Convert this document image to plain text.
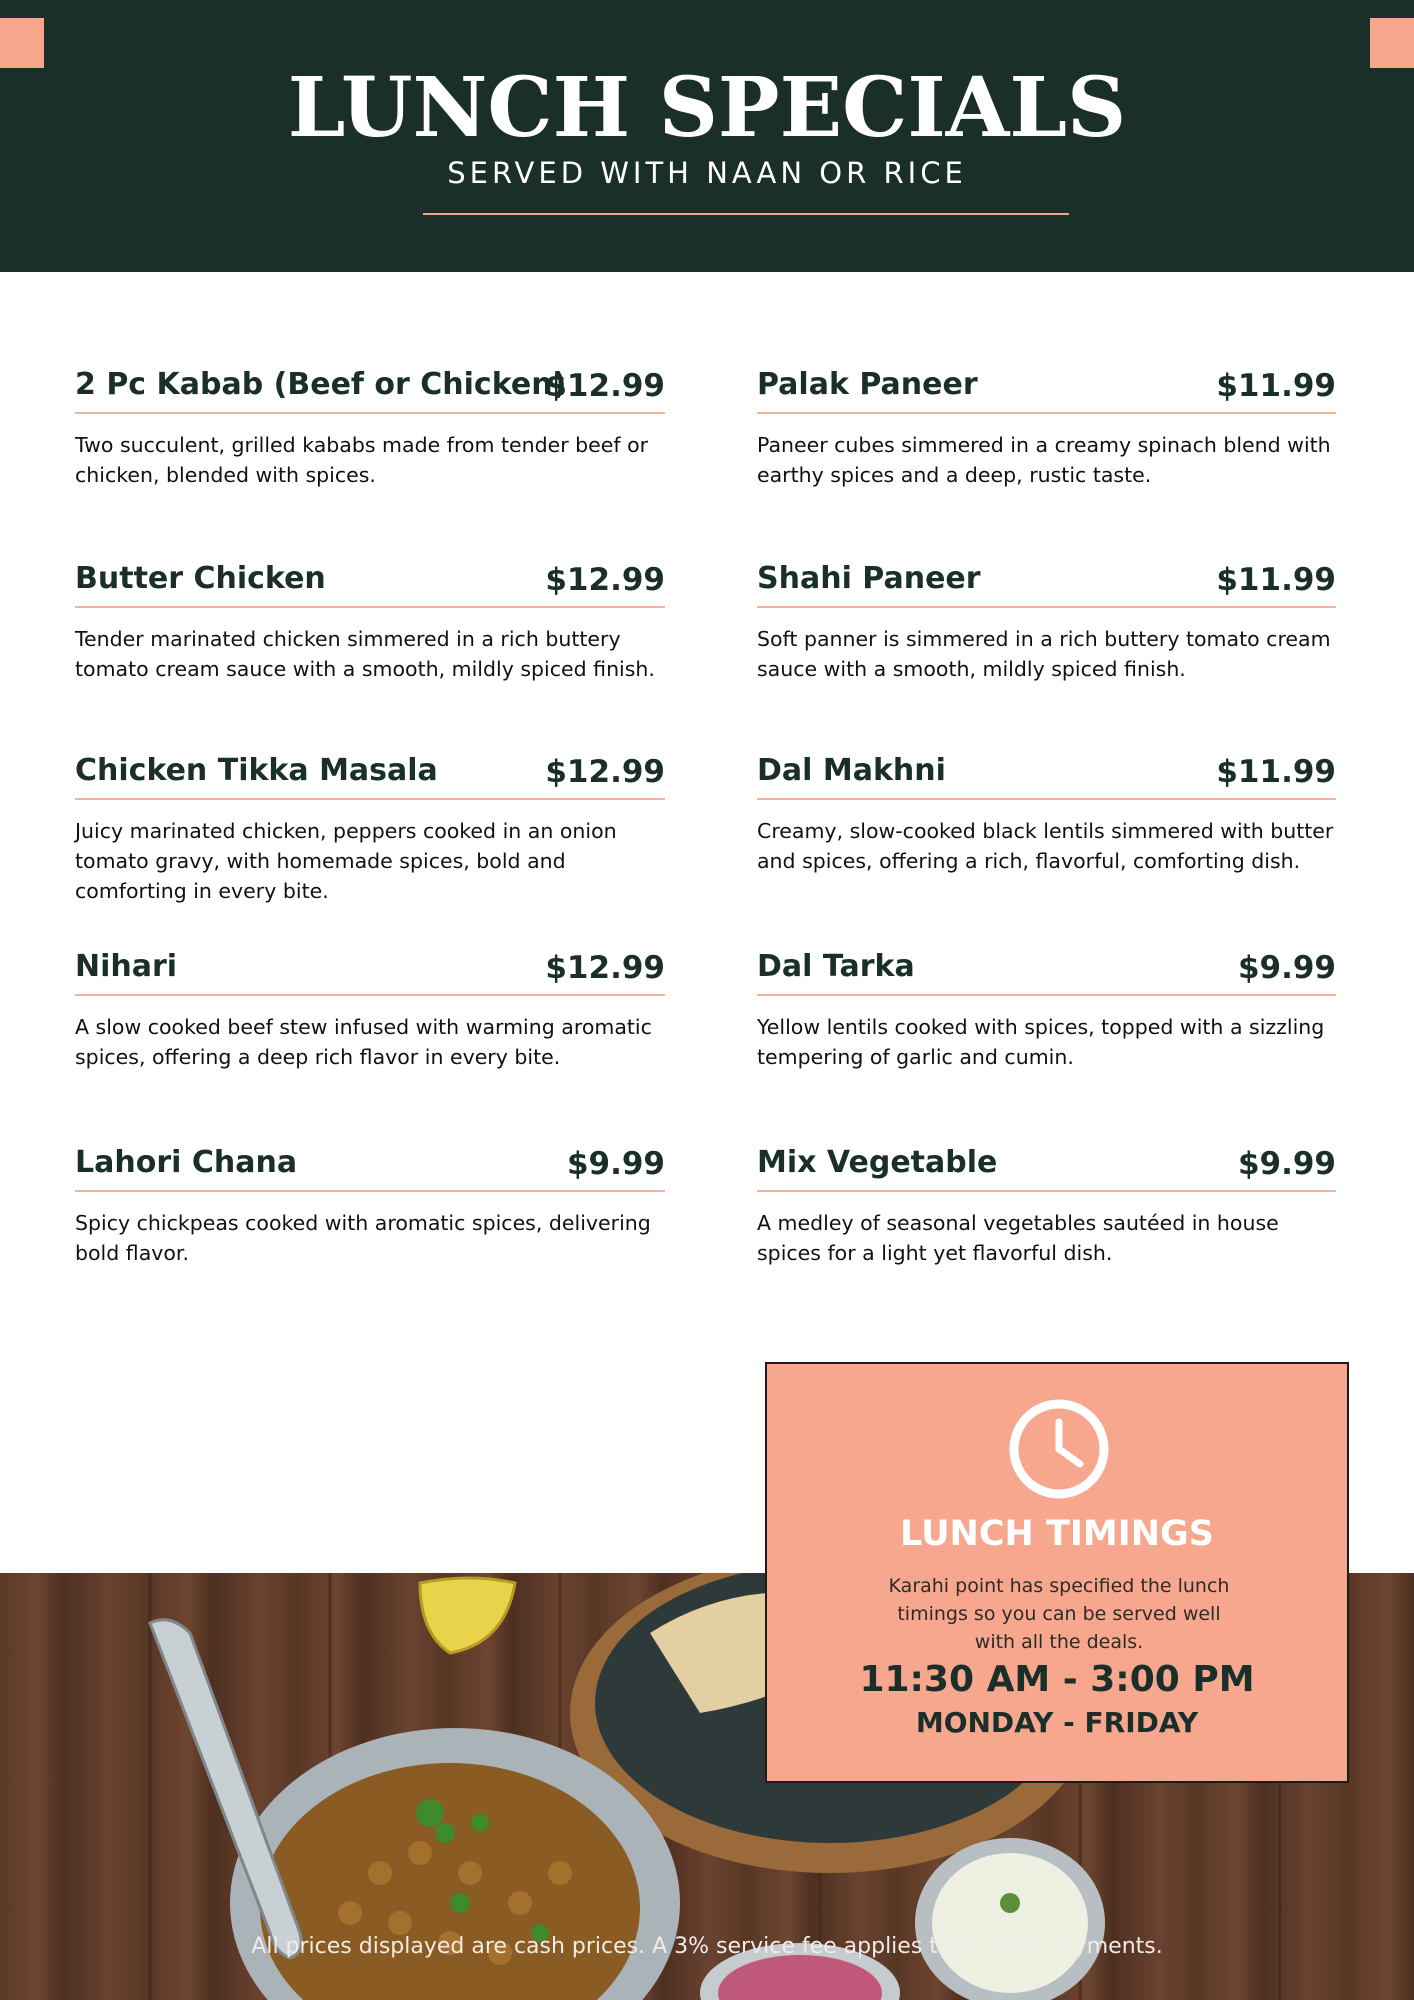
LUNCH SPECIALS
SERVED WITH NAAN OR RICE
2 Pc Kabab (Beef or Chicken)
$12.99
Two succulent, grilled kababs made from tender beef or chicken, blended with spices.
Butter Chicken	$12.99
Tender marinated chicken simmered in a rich buttery tomato cream sauce with a smooth, mildly spiced finish.
Chicken Tikka Masala	$12.99
Juicy marinated chicken, peppers cooked in an onion tomato gravy, with homemade spices, bold and comforting in every bite.
Nihari	$12.99
A slow cooked beef stew infused with warming aromatic spices, offering a deep rich flavor in every bite.
Lahori Chana	$9.99
Spicy chickpeas cooked with aromatic spices, delivering bold flavor.
Palak Paneer	$11.99
Paneer cubes simmered in a creamy spinach blend with earthy spices and a deep, rustic taste.
Shahi Paneer	$11.99
Soft panner is simmered in a rich buttery tomato cream sauce with a smooth, mildly spiced finish.
Dal Makhni	$11.99
Creamy, slow-cooked black lentils simmered with butter and spices, offering a rich, flavorful, comforting dish.
Dal Tarka	$9.99
Yellow lentils cooked with spices, topped with a sizzling tempering of garlic and cumin.
Mix Vegetable	$9.99
A medley of seasonal vegetables sautéed in house spices for a light yet flavorful dish.
LUNCH TIMINGS
Karahi point has specified the lunch timings so you can be served well with all the deals.
11:30 AM - 3:00 PM
MONDAY - FRIDAY
All prices displayed are cash prices. A 3% service fee applies to all card payments.
